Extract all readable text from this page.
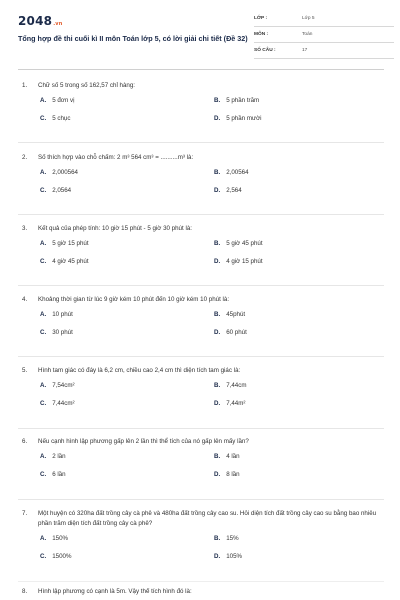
2048.vn
Tổng hợp đề thi cuối kì II môn Toán lớp 5, có lời giải chi tiết (Đề 32)
LỚP :	Lớp 5
MÔN :	Toán
SỐ CÂU :	17
1. Chữ số 5 trong số 162,57 chỉ hàng:
A. 5 đơn vị	B. 5 phần trăm
C. 5 chục	D. 5 phần mười
2. Số thích hợp vào chỗ chấm: 2 m³ 564 cm³ = ..........m³ là:
A. 2,000564	B. 2,00564
C. 2,0564	D. 2,564
3. Kết quả của phép tính: 10 giờ 15 phút - 5 giờ 30 phút là:
A. 5 giờ 15 phút	B. 5 giờ 45 phút
C. 4 giờ 45 phút	D. 4 giờ 15 phút
4. Khoảng thời gian từ lúc 9 giờ kém 10 phút đến 10 giờ kém 10 phút là:
A. 10 phút	B. 45phút
C. 30 phút	D. 60 phút
5. Hình tam giác có đáy là 6,2 cm, chiều cao 2,4 cm thì diện tích tam giác là:
A. 7,54cm²	B. 7,44cm
C. 7,44cm²	D. 7,44m²
6. Nếu cạnh hình lập phương gấp lên 2 lần thì thể tích của nó gấp lên mấy lần?
A. 2 lần	B. 4 lần
C. 6 lần	D. 8 lần
7. Một huyện có 320ha đất trồng cây cà phê và 480ha đất trồng cây cao su. Hỏi diện tích đất trồng cây cao su bằng bao nhiêu phần trăm diện tích đất trồng cây cà phê?
A. 150%	B. 15%
C. 1500%	D. 105%
8. Hình lập phương có cạnh là 5m. Vậy thể tích hình đó là:
